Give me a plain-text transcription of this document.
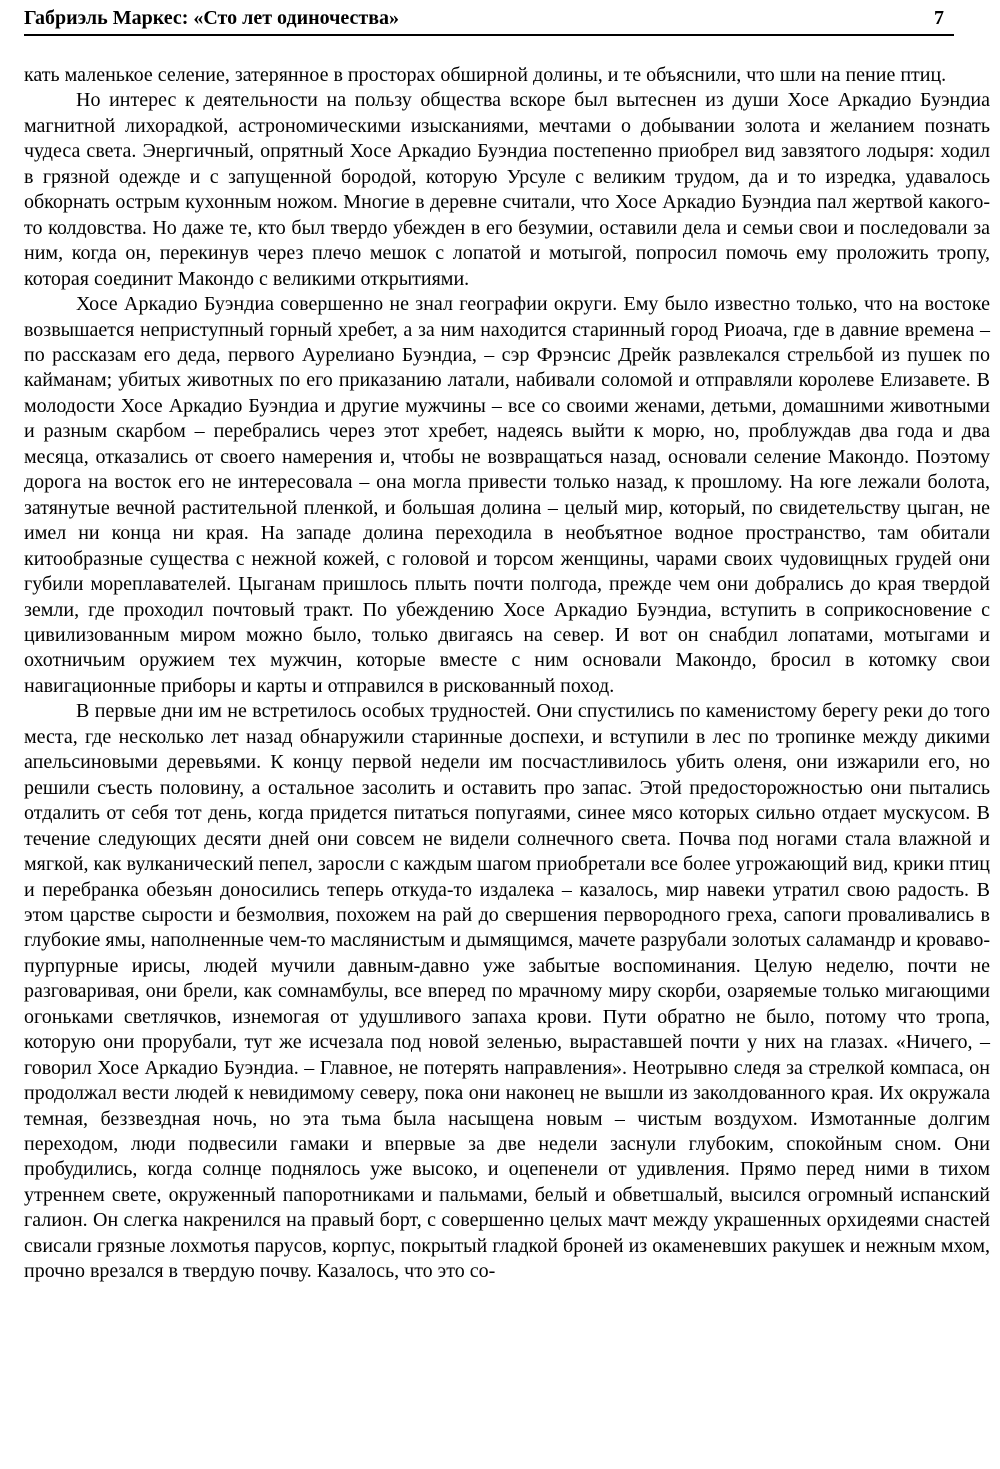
Габриэль Маркес: «Сто лет одиночества»	7

кать маленькое селение, затерянное в просторах обширной долины, и те объяснили, что шли на пение птиц.

Но интерес к деятельности на пользу общества вскоре был вытеснен из души Хосе Аркадио Буэндиа магнитной лихорадкой, астрономическими изысканиями, мечтами о добывании золота и желанием познать чудеса света. Энергичный, опрятный Хосе Аркадио Буэндиа постепенно приобрел вид завзятого лодыря: ходил в грязной одежде и с запущенной бородой, которую Урсуле с великим трудом, да и то изредка, удавалось обкорнать острым кухонным ножом. Многие в деревне считали, что Хосе Аркадио Буэндиа пал жертвой какого-то колдовства. Но даже те, кто был твердо убежден в его безумии, оставили дела и семьи свои и последовали за ним, когда он, перекинув через плечо мешок с лопатой и мотыгой, попросил помочь ему проложить тропу, которая соединит Макондо с великими открытиями.

Хосе Аркадио Буэндиа совершенно не знал географии округи. Ему было известно только, что на востоке возвышается неприступный горный хребет, а за ним находится старинный город Риоача, где в давние времена – по рассказам его деда, первого Аурелиано Буэндиа, – сэр Фрэнсис Дрейк развлекался стрельбой из пушек по кайманам; убитых животных по его приказанию латали, набивали соломой и отправляли королеве Елизавете. В молодости Хосе Аркадио Буэндиа и другие мужчины – все со своими женами, детьми, домашними животными и разным скарбом – перебрались через этот хребет, надеясь выйти к морю, но, проблуждав два года и два месяца, отказались от своего намерения и, чтобы не возвращаться назад, основали селение Макондо. Поэтому дорога на восток его не интересовала – она могла привести только назад, к прошлому. На юге лежали болота, затянутые вечной растительной пленкой, и большая долина – целый мир, который, по свидетельству цыган, не имел ни конца ни края. На западе долина переходила в необъятное водное пространство, там обитали китообразные существа с нежной кожей, с головой и торсом женщины, чарами своих чудовищных грудей они губили мореплавателей. Цыганам пришлось плыть почти полгода, прежде чем они добрались до края твердой земли, где проходил почтовый тракт. По убеждению Хосе Аркадио Буэндиа, вступить в соприкосновение с цивилизованным миром можно было, только двигаясь на север. И вот он снабдил лопатами, мотыгами и охотничьим оружием тех мужчин, которые вместе с ним основали Макондо, бросил в котомку свои навигационные приборы и карты и отправился в рискованный поход.

В первые дни им не встретилось особых трудностей. Они спустились по каменистому берегу реки до того места, где несколько лет назад обнаружили старинные доспехи, и вступили в лес по тропинке между дикими апельсиновыми деревьями. К концу первой недели им посчастливилось убить оленя, они изжарили его, но решили съесть половину, а остальное засолить и оставить про запас. Этой предосторожностью они пытались отдалить от себя тот день, когда придется питаться попугаями, синее мясо которых сильно отдает мускусом. В течение следующих десяти дней они совсем не видели солнечного света. Почва под ногами стала влажной и мягкой, как вулканический пепел, заросли с каждым шагом приобретали все более угрожающий вид, крики птиц и перебранка обезьян доносились теперь откуда-то издалека – казалось, мир навеки утратил свою радость. В этом царстве сырости и безмолвия, похожем на рай до свершения первородного греха, сапоги проваливались в глубокие ямы, наполненные чем-то маслянистым и дымящимся, мачете разрубали золотых саламандр и кроваво-пурпурные ирисы, людей мучили давным-давно уже забытые воспоминания. Целую неделю, почти не разговаривая, они брели, как сомнамбулы, все вперед по мрачному миру скорби, озаряемые только мигающими огоньками светлячков, изнемогая от удушливого запаха крови. Пути обратно не было, потому что тропа, которую они прорубали, тут же исчезала под новой зеленью, выраставшей почти у них на глазах. «Ничего, – говорил Хосе Аркадио Буэндиа. – Главное, не потерять направления». Неотрывно следя за стрелкой компаса, он продолжал вести людей к невидимому северу, пока они наконец не вышли из заколдованного края. Их окружала темная, беззвездная ночь, но эта тьма была насыщена новым – чистым воздухом. Измотанные долгим переходом, люди подвесили гамаки и впервые за две недели заснули глубоким, спокойным сном. Они пробудились, когда солнце поднялось уже высоко, и оцепенели от удивления. Прямо перед ними в тихом утреннем свете, окруженный папоротниками и пальмами, белый и обветшалый, высился огромный испанский галион. Он слегка накренился на правый борт, с совершенно целых мачт между украшенных орхидеями снастей свисали грязные лохмотья парусов, корпус, покрытый гладкой броней из окаменевших ракушек и нежным мхом, прочно врезался в твердую почву. Казалось, что это со-
